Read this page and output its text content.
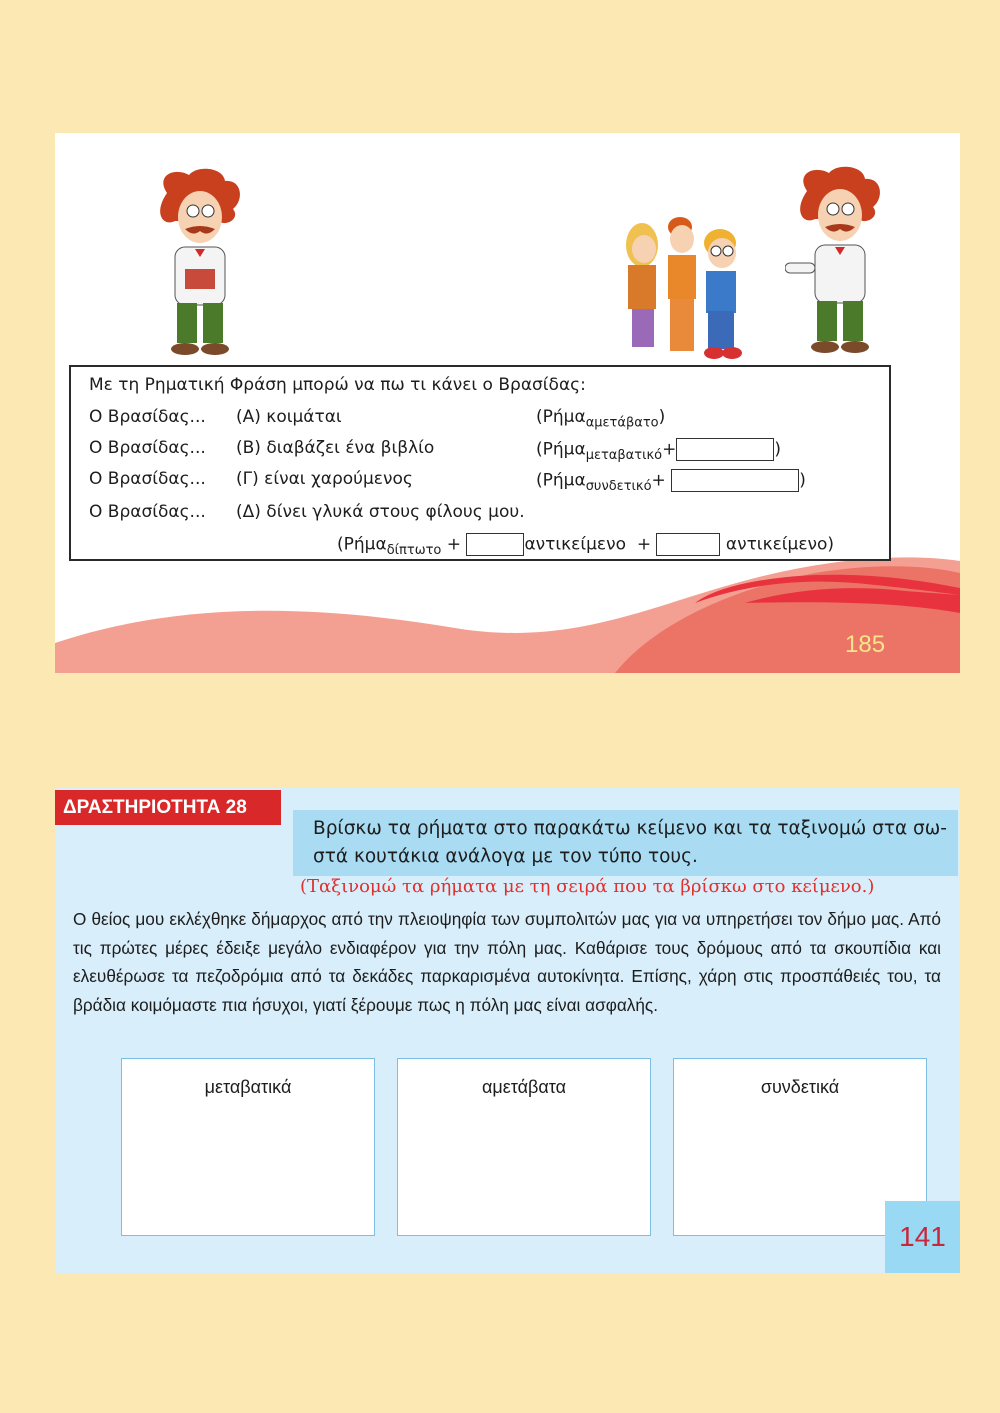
Με τη Ρηματική Φράση μπορώ να πω τι κάνει ο Βρασίδας:
Ο Βρασίδας... (Α) κοιμάται	(Ρήμα$_{\alpha\mu\varepsilon\tau ά\beta\alpha\tau o}$)
Ο Βρασίδας... (Β) διαβάζει ένα βιβλίο	(Ρήμα$_{\mu\varepsilon\tau\alpha\beta\alpha\tau\iota\kappa ό}$+	)
Ο Βρασίδας... (Γ) είναι χαρούμενος	(Ρήμα$_{\sigma\upsilon\nu\delta\varepsilon\tau\iota\kappa ό}$+	)
Ο Βρασίδας... (Δ) δίνει γλυκά στους φίλους μου.
(Ρήμα$_{\delta ί\pi\tau\omega\tau o}$ +	αντικείμενο +	αντικείμενο)
185
ΔΡΑΣΤΗΡΙΟΤΗΤΑ 28
Βρίσκω τα ρήματα στο παρακάτω κείμενο και τα ταξινομώ στα σω-
στά κουτάκια ανάλογα με τον τύπο τους.
(Ταξινομώ τα ρήματα με τη σειρά που τα βρίσκω στο κείμενο.)
Ο θείος μου εκλέχθηκε δήμαρχος από την πλειοψηφία των συμπολιτών μας για να υπηρετήσει τον δήμο μας. Από τις πρώτες μέρες έδειξε μεγάλο ενδιαφέρον για την πόλη μας. Καθάρισε τους δρόμους από τα σκουπίδια και ελευθέρωσε τα πεζοδρόμια από τα δεκάδες παρκαρισμένα αυτοκίνητα. Επίσης, χάρη στις προσπάθειές του, τα βράδια κοιμόμαστε πια ήσυχοι, γιατί ξέρουμε πως η πόλη μας είναι ασφαλής.
μεταβατικά	αμετάβατα	συνδετικά
141
